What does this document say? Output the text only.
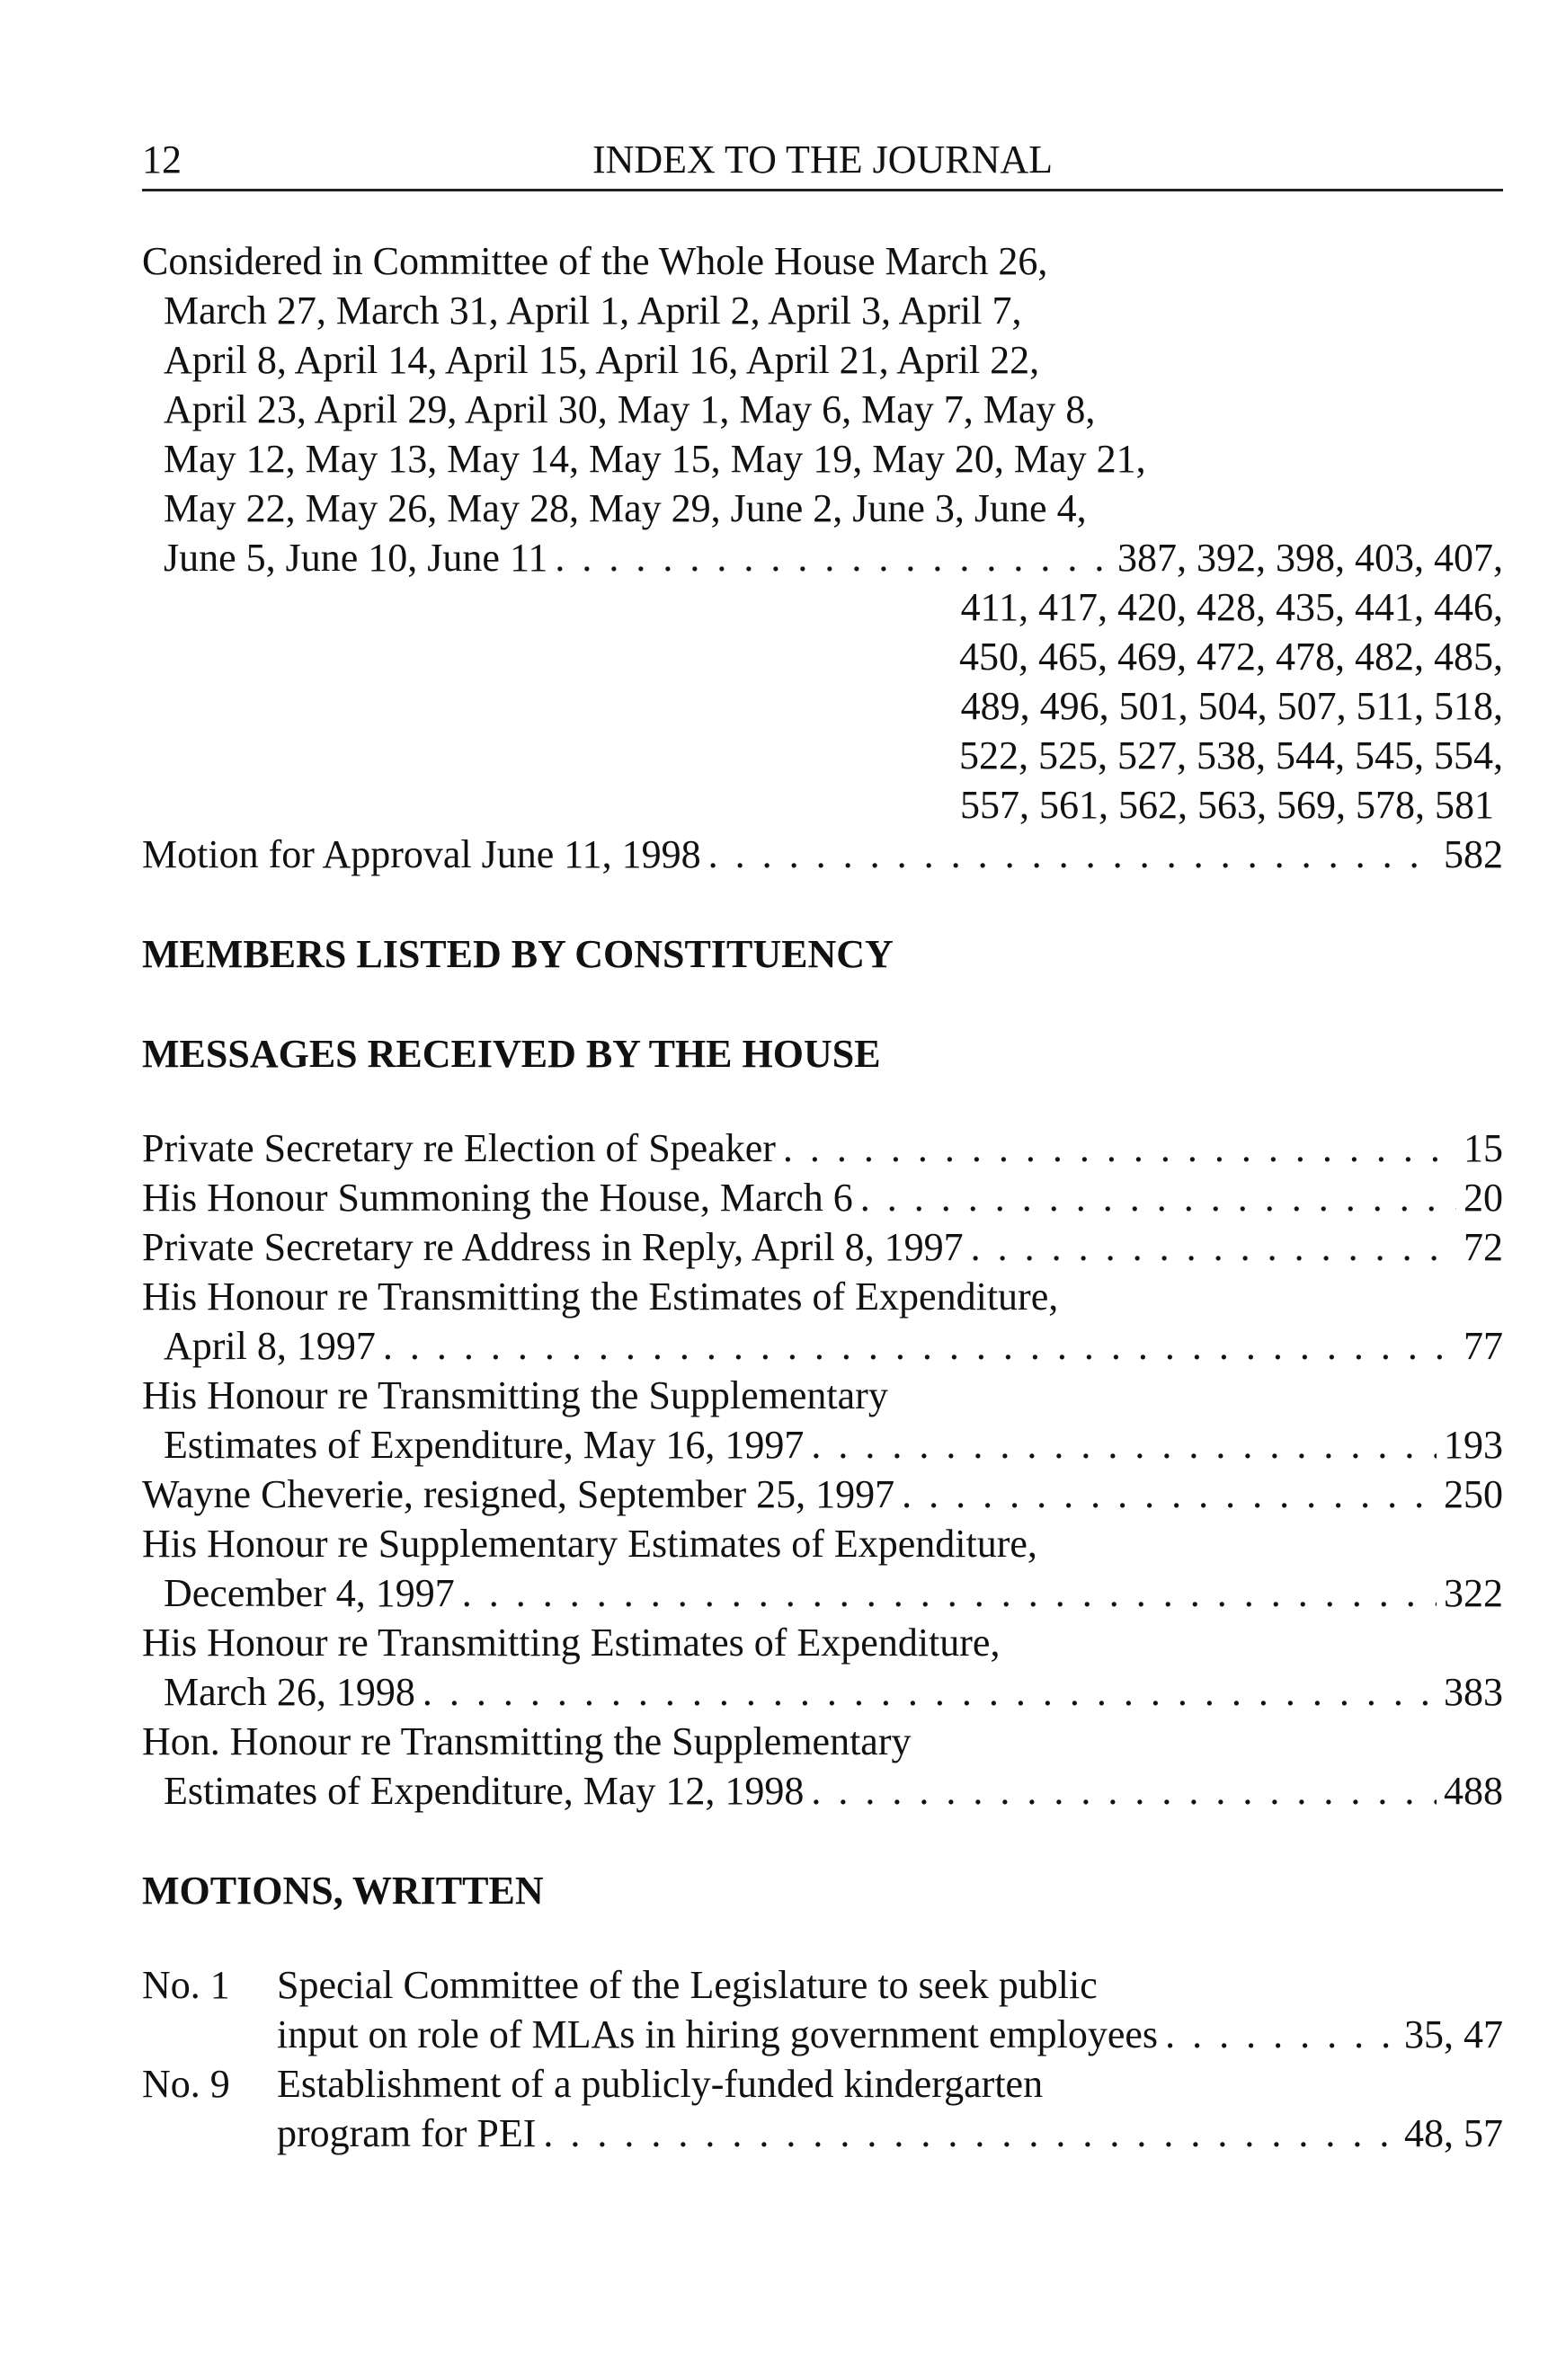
12	INDEX TO THE JOURNAL
Considered in Committee of the Whole House March 26,
March 27, March 31, April 1, April 2, April 3, April 7,
April 8, April 14, April 15, April 16, April 21, April 22,
April 23, April 29, April 30, May 1, May 6, May 7, May 8,
May 12, May 13, May 14, May 15, May 19, May 20, May 21,
May 22, May 26, May 28, May 29, June 2, June 3, June 4,
June 5, June 10, June 11 . . .	387, 392, 398, 403, 407,
411, 417, 420, 428, 435, 441, 446,
450, 465, 469, 472, 478, 482, 485,
489, 496, 501, 504, 507, 511, 518,
522, 525, 527, 538, 544, 545, 554,
557, 561, 562, 563, 569, 578, 581
Motion for Approval June 11, 1998 . . .	582
MEMBERS LISTED BY CONSTITUENCY
MESSAGES RECEIVED BY THE HOUSE
Private Secretary re Election of Speaker . . .	15
His Honour Summoning the House, March 6 . . .	20
Private Secretary re Address in Reply, April 8, 1997 . . .	72
His Honour re Transmitting the Estimates of Expenditure,
April 8, 1997 . . .	77
His Honour re Transmitting the Supplementary
Estimates of Expenditure, May 16, 1997 . . .	193
Wayne Cheverie, resigned, September 25, 1997 . . .	250
His Honour re Supplementary Estimates of Expenditure,
December 4, 1997 . . .	322
His Honour re Transmitting Estimates of Expenditure,
March 26, 1998 . . .	383
Hon. Honour re Transmitting the Supplementary
Estimates of Expenditure, May 12, 1998 . . .	488
MOTIONS, WRITTEN
No. 1	Special Committee of the Legislature to seek public
input on role of MLAs in hiring government employees . . .	35, 47
No. 9	Establishment of a publicly-funded kindergarten
program for PEI . . .	48, 57
